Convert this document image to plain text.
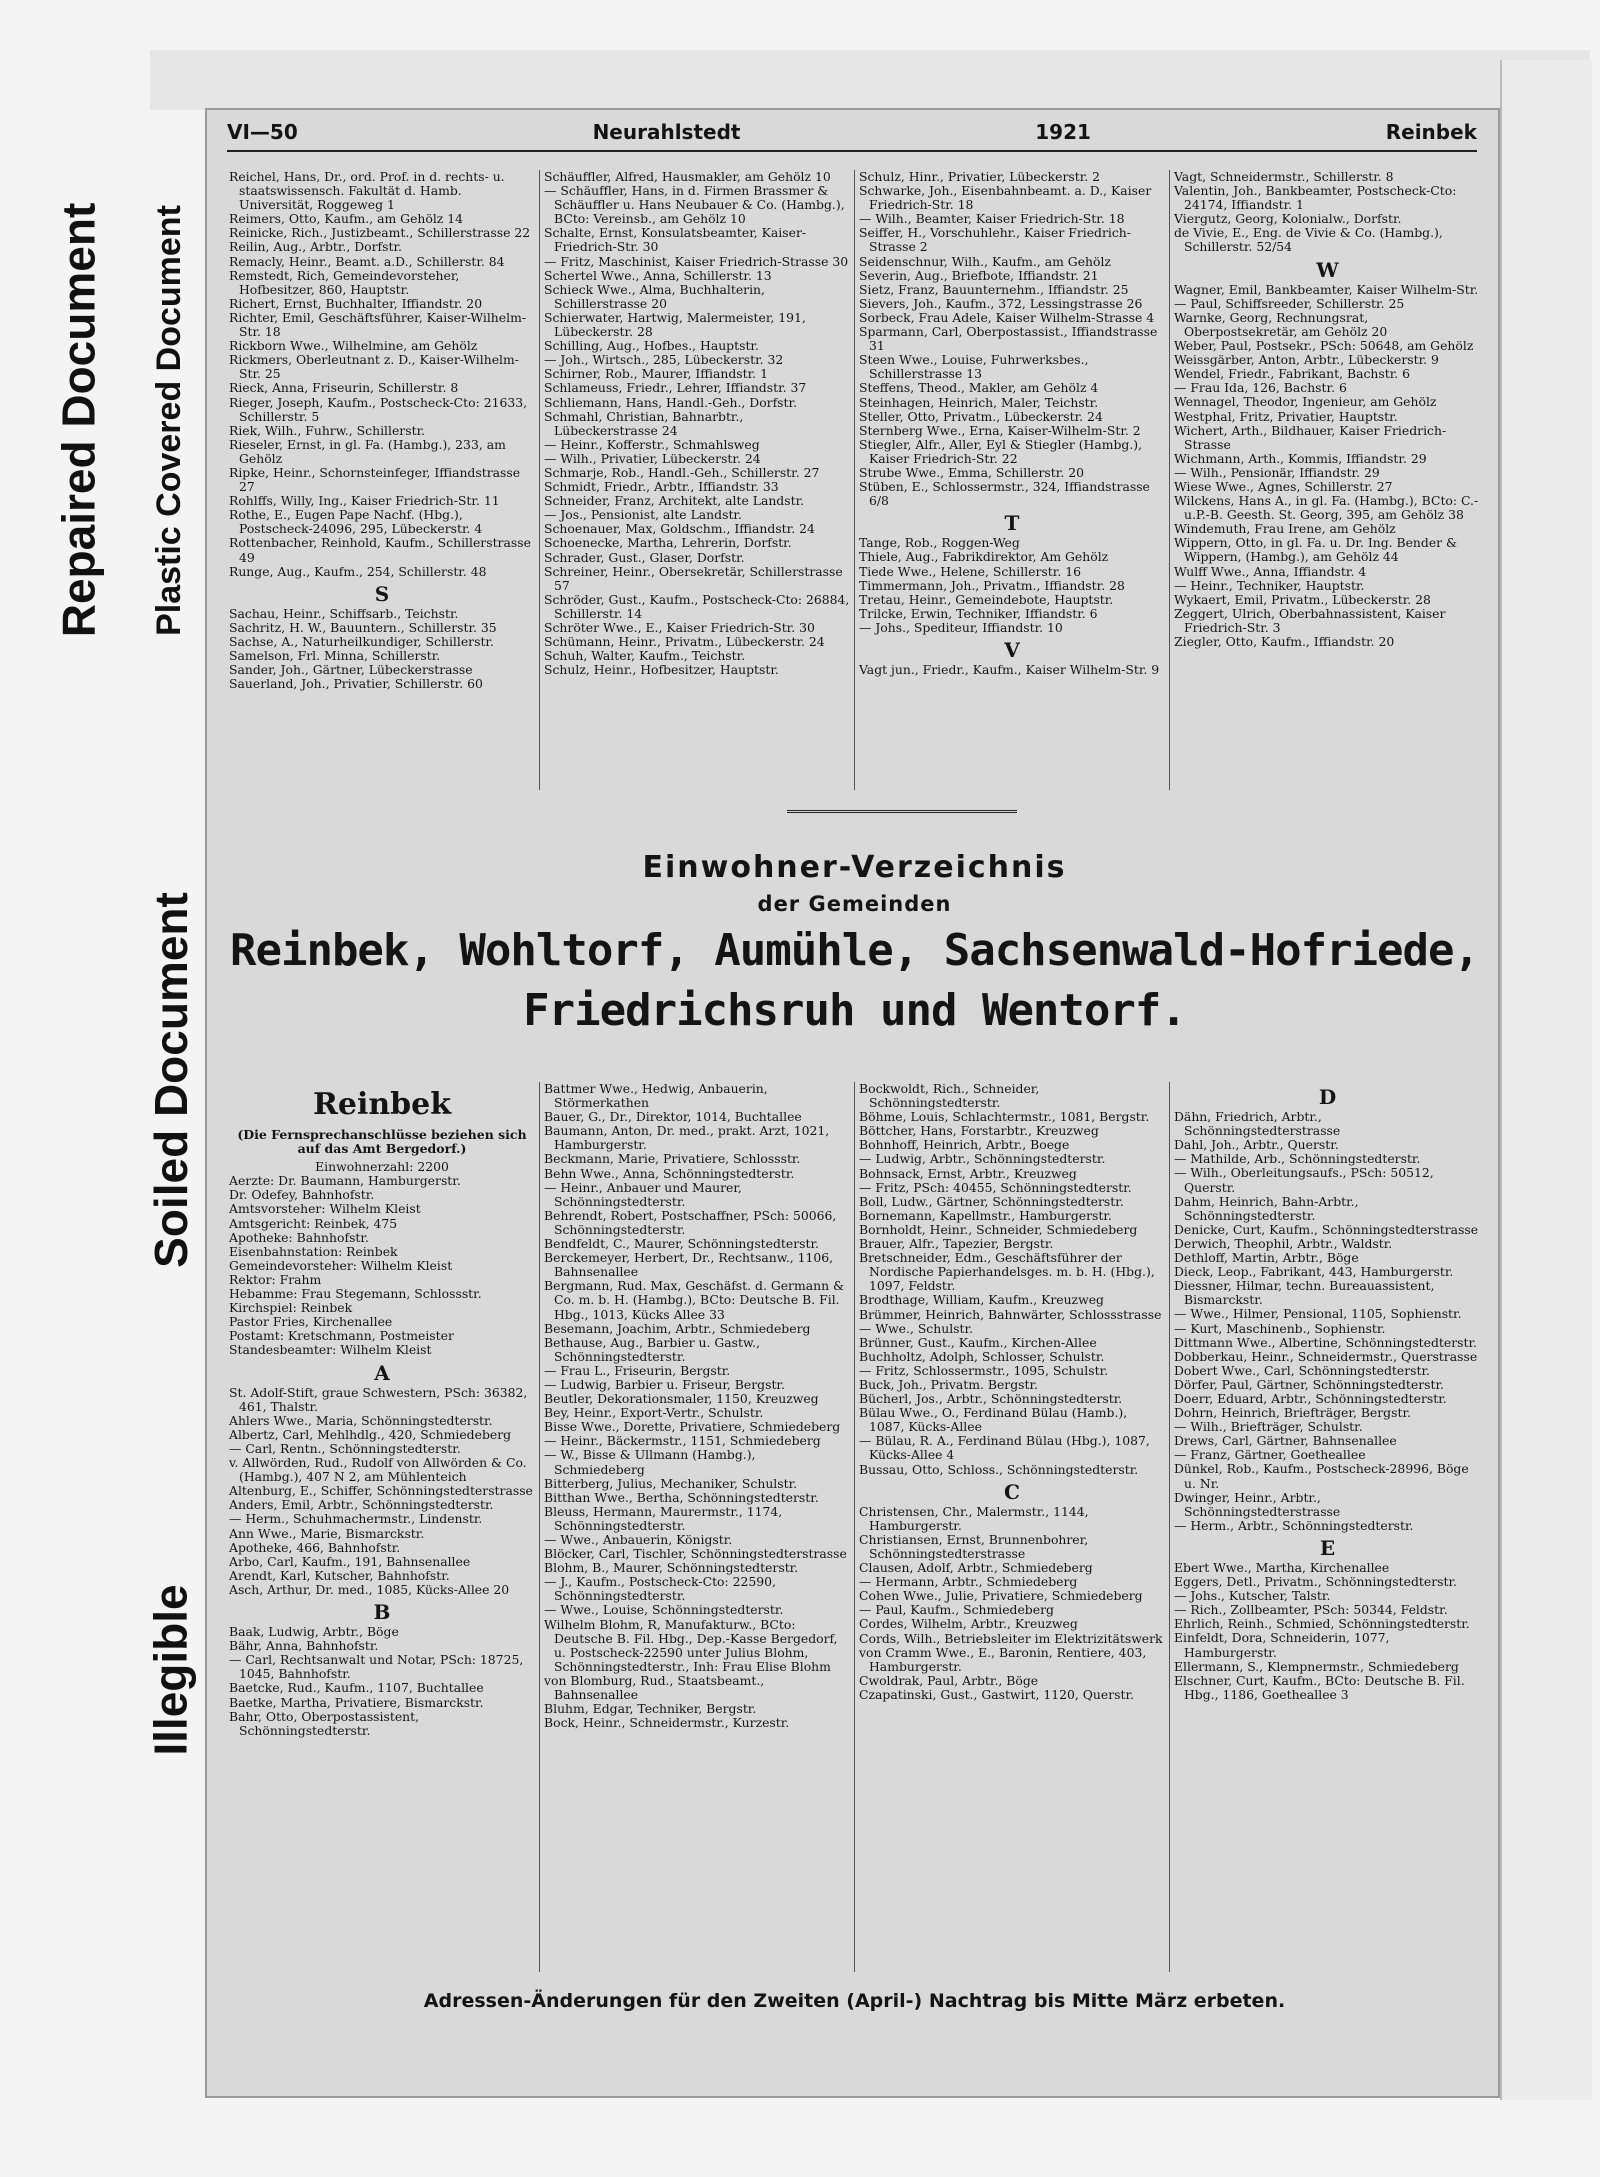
Repaired Document Plastic Covered Document
Soiled Document
Illegible
VI—50	Neurahlstedt	1921	Reinbek

Reichel, Hans, Dr., ord. Prof. in d. rechts- u. staatswissensch. Fakultät d. Hamb. Universität, Roggeweg 1

Reimers, Otto, Kaufm., am Gehölz 14

Reinicke, Rich., Justizbeamt., Schillerstrasse 22

Reilin, Aug., Arbtr., Dorfstr.

Remacly, Heinr., Beamt. a.D., Schillerstr. 84

Remstedt, Rich, Gemeindevorsteher, Hofbesitzer, 860, Hauptstr.

Richert, Ernst, Buchhalter, Iffiandstr. 20

Richter, Emil, Geschäftsführer, Kaiser-Wilhelm-Str. 18

Rickborn Wwe., Wilhelmine, am Gehölz

Rickmers, Oberleutnant z. D., Kaiser-Wilhelm-Str. 25

Rieck, Anna, Friseurin, Schillerstr. 8

Rieger, Joseph, Kaufm., Postscheck-Cto: 21633, Schillerstr. 5

Riek, Wilh., Fuhrw., Schillerstr.

Rieseler, Ernst, in gl. Fa. (Hambg.), 233, am Gehölz

Ripke, Heinr., Schornsteinfeger, Iffiandstrasse 27

Rohlffs, Willy, Ing., Kaiser Friedrich-Str. 11

Rothe, E., Eugen Pape Nachf. (Hbg.), Postscheck-24096, 295, Lübeckerstr. 4

Rottenbacher, Reinhold, Kaufm., Schillerstrasse 49

Runge, Aug., Kaufm., 254, Schillerstr. 48

S

Sachau, Heinr., Schiffsarb., Teichstr.

Sachritz, H. W., Bauuntern., Schillerstr. 35

Sachse, A., Naturheilkundiger, Schillerstr.

Samelson, Frl. Minna, Schillerstr.

Sander, Joh., Gärtner, Lübeckerstrasse

Sauerland, Joh., Privatier, Schillerstr. 60

Schäuffler, Alfred, Hausmakler, am Gehölz 10

— Schäuffler, Hans, in d. Firmen Brassmer & Schäuffler u. Hans Neubauer & Co. (Hambg.), BCto: Vereinsb., am Gehölz 10

Schalte, Ernst, Konsulatsbeamter, Kaiser-Friedrich-Str. 30

— Fritz, Maschinist, Kaiser Friedrich-Strasse 30

Schertel Wwe., Anna, Schillerstr. 13

Schieck Wwe., Alma, Buchhalterin, Schillerstrasse 20

Schierwater, Hartwig, Malermeister, 191, Lübeckerstr. 28

Schilling, Aug., Hofbes., Hauptstr.

— Joh., Wirtsch., 285, Lübeckerstr. 32

Schirner, Rob., Maurer, Iffiandstr. 1

Schlameuss, Friedr., Lehrer, Iffiandstr. 37

Schliemann, Hans, Handl.-Geh., Dorfstr.

Schmahl, Christian, Bahnarbtr., Lübeckerstrasse 24

— Heinr., Kofferstr., Schmahlsweg

— Wilh., Privatier, Lübeckerstr. 24

Schmarje, Rob., Handl.-Geh., Schillerstr. 27

Schmidt, Friedr., Arbtr., Iffiandstr. 33

Schneider, Franz, Architekt, alte Landstr.

— Jos., Pensionist, alte Landstr.

Schoenauer, Max, Goldschm., Iffiandstr. 24

Schoenecke, Martha, Lehrerin, Dorfstr.

Schrader, Gust., Glaser, Dorfstr.

Schreiner, Heinr., Obersekretär, Schillerstrasse 57

Schröder, Gust., Kaufm., Postscheck-Cto: 26884, Schillerstr. 14

Schröter Wwe., E., Kaiser Friedrich-Str. 30

Schümann, Heinr., Privatm., Lübeckerstr. 24

Schuh, Walter, Kaufm., Teichstr.

Schulz, Heinr., Hofbesitzer, Hauptstr.

Schulz, Hinr., Privatier, Lübeckerstr. 2

Schwarke, Joh., Eisenbahnbeamt. a. D., Kaiser Friedrich-Str. 18

— Wilh., Beamter, Kaiser Friedrich-Str. 18

Seiffer, H., Vorschuhlehr., Kaiser Friedrich-Strasse 2

Seidenschnur, Wilh., Kaufm., am Gehölz

Severin, Aug., Briefbote, Iffiandstr. 21

Sietz, Franz, Bauunternehm., Iffiandstr. 25

Sievers, Joh., Kaufm., 372, Lessingstrasse 26

Sorbeck, Frau Adele, Kaiser Wilhelm-Strasse 4

Sparmann, Carl, Oberpostassist., Iffiandstrasse 31

Steen Wwe., Louise, Fuhrwerksbes., Schillerstrasse 13

Steffens, Theod., Makler, am Gehölz 4

Steinhagen, Heinrich, Maler, Teichstr.

Steller, Otto, Privatm., Lübeckerstr. 24

Sternberg Wwe., Erna, Kaiser-Wilhelm-Str. 2

Stiegler, Alfr., Aller, Eyl & Stiegler (Hambg.), Kaiser Friedrich-Str. 22

Strube Wwe., Emma, Schillerstr. 20

Stüben, E., Schlossermstr., 324, Iffiandstrasse 6/8

T

Tange, Rob., Roggen-Weg

Thiele, Aug., Fabrikdirektor, Am Gehölz

Tiede Wwe., Helene, Schillerstr. 16

Timmermann, Joh., Privatm., Iffiandstr. 28

Tretau, Heinr., Gemeindebote, Hauptstr.

Trilcke, Erwin, Techniker, Iffiandstr. 6

— Johs., Spediteur, Iffiandstr. 10

V

Vagt jun., Friedr., Kaufm., Kaiser Wilhelm-Str. 9

Vagt, Schneidermstr., Schillerstr. 8

Valentin, Joh., Bankbeamter, Postscheck-Cto: 24174, Iffiandstr. 1

Viergutz, Georg, Kolonialw., Dorfstr.

de Vivie, E., Eng. de Vivie & Co. (Hambg.), Schillerstr. 52/54

W

Wagner, Emil, Bankbeamter, Kaiser Wilhelm-Str.

— Paul, Schiffsreeder, Schillerstr. 25

Warnke, Georg, Rechnungsrat, Oberpostsekretär, am Gehölz 20

Weber, Paul, Postsekr., PSch: 50648, am Gehölz

Weissgärber, Anton, Arbtr., Lübeckerstr. 9

Wendel, Friedr., Fabrikant, Bachstr. 6

— Frau Ida, 126, Bachstr. 6

Wennagel, Theodor, Ingenieur, am Gehölz

Westphal, Fritz, Privatier, Hauptstr.

Wichert, Arth., Bildhauer, Kaiser Friedrich-Strasse

Wichmann, Arth., Kommis, Iffiandstr. 29

— Wilh., Pensionär, Iffiandstr. 29

Wiese Wwe., Agnes, Schillerstr. 27

Wilckens, Hans A., in gl. Fa. (Hambg.), BCto: C.-u.P.-B. Geesth. St. Georg, 395, am Gehölz 38

Windemuth, Frau Irene, am Gehölz

Wippern, Otto, in gl. Fa. u. Dr. Ing. Bender & Wippern, (Hambg.), am Gehölz 44

Wulff Wwe., Anna, Iffiandstr. 4

— Heinr., Techniker, Hauptstr.

Wykaert, Emil, Privatm., Lübeckerstr. 28

Zeggert, Ulrich, Oberbahnassistent, Kaiser Friedrich-Str. 3

Ziegler, Otto, Kaufm., Iffiandstr. 20

Einwohner-Verzeichnis
der Gemeinden
Reinbek, Wohltorf, Aumühle, Sachsenwald-Hofriede,
Friedrichsruh und Wentorf.

Reinbek

(Die Fernsprechanschlüsse beziehen sich auf das Amt Bergedorf.)

Einwohnerzahl: 2200

Aerzte: Dr. Baumann, Hamburgerstr.

Dr. Odefey, Bahnhofstr.

Amtsvorsteher: Wilhelm Kleist

Amtsgericht: Reinbek, 475

Apotheke: Bahnhofstr.

Eisenbahnstation: Reinbek

Gemeindevorsteher: Wilhelm Kleist

Rektor: Frahm

Hebamme: Frau Stegemann, Schlossstr.

Kirchspiel: Reinbek

Pastor Fries, Kirchenallee

Postamt: Kretschmann, Postmeister

Standesbeamter: Wilhelm Kleist

A

St. Adolf-Stift, graue Schwestern, PSch: 36382, 461, Thalstr.

Ahlers Wwe., Maria, Schönningstedterstr.

Albertz, Carl, Mehlhdlg., 420, Schmiedeberg

— Carl, Rentn., Schönningstedterstr.

v. Allwörden, Rud., Rudolf von Allwörden & Co. (Hambg.), 407 N 2, am Mühlenteich

Altenburg, E., Schiffer, Schönningstedterstrasse

Anders, Emil, Arbtr., Schönningstedterstr.

— Herm., Schuhmachermstr., Lindenstr.

Ann Wwe., Marie, Bismarckstr.

Apotheke, 466, Bahnhofstr.

Arbo, Carl, Kaufm., 191, Bahnsenallee

Arendt, Karl, Kutscher, Bahnhofstr.

Asch, Arthur, Dr. med., 1085, Kücks-Allee 20

B

Baak, Ludwig, Arbtr., Böge

Bähr, Anna, Bahnhofstr.

— Carl, Rechtsanwalt und Notar, PSch: 18725, 1045, Bahnhofstr.

Baetcke, Rud., Kaufm., 1107, Buchtallee

Baetke, Martha, Privatiere, Bismarckstr.

Bahr, Otto, Oberpostassistent, Schönningstedterstr.

Battmer Wwe., Hedwig, Anbauerin, Störmerkathen

Bauer, G., Dr., Direktor, 1014, Buchtallee

Baumann, Anton, Dr. med., prakt. Arzt, 1021, Hamburgerstr.

Beckmann, Marie, Privatiere, Schlossstr.

Behn Wwe., Anna, Schönningstedterstr.

— Heinr., Anbauer und Maurer, Schönningstedterstr.

Behrendt, Robert, Postschaffner, PSch: 50066, Schönningstedterstr.

Bendfeldt, C., Maurer, Schönningstedterstr.

Berckemeyer, Herbert, Dr., Rechtsanw., 1106, Bahnsenallee

Bergmann, Rud. Max, Geschäfst. d. Germann & Co. m. b. H. (Hambg.), BCto: Deutsche B. Fil. Hbg., 1013, Kücks Allee 33

Besemann, Joachim, Arbtr., Schmiedeberg

Bethause, Aug., Barbier u. Gastw., Schönningstedterstr.

— Frau L., Friseurin, Bergstr.

— Ludwig, Barbier u. Friseur, Bergstr.

Beutler, Dekorationsmaler, 1150, Kreuzweg

Bey, Heinr., Export-Vertr., Schulstr.

Bisse Wwe., Dorette, Privatiere, Schmiedeberg

— Heinr., Bäckermstr., 1151, Schmiedeberg

— W., Bisse & Ullmann (Hambg.), Schmiedeberg

Bitterberg, Julius, Mechaniker, Schulstr.

Bitthan Wwe., Bertha, Schönningstedterstr.

Bleuss, Hermann, Maurermstr., 1174, Schönningstedterstr.

— Wwe., Anbauerin, Königstr.

Blöcker, Carl, Tischler, Schönningstedterstrasse

Blohm, B., Maurer, Schönningstedterstr.

— J., Kaufm., Postscheck-Cto: 22590, Schönningstedterstr.

— Wwe., Louise, Schönningstedterstr.

Wilhelm Blohm, R, Manufakturw., BCto: Deutsche B. Fil. Hbg., Dep.-Kasse Bergedorf, u. Postscheck-22590 unter Julius Blohm, Schönningstedterstr., Inh: Frau Elise Blohm

von Blomburg, Rud., Staatsbeamt., Bahnsenallee

Bluhm, Edgar, Techniker, Bergstr.

Bock, Heinr., Schneidermstr., Kurzestr.

Bockwoldt, Rich., Schneider, Schönningstedterstr.

Böhme, Louis, Schlachtermstr., 1081, Bergstr.

Böttcher, Hans, Forstarbtr., Kreuzweg

Bohnhoff, Heinrich, Arbtr., Boege

— Ludwig, Arbtr., Schönningstedterstr.

Bohnsack, Ernst, Arbtr., Kreuzweg

— Fritz, PSch: 40455, Schönningstedterstr.

Boll, Ludw., Gärtner, Schönningstedterstr.

Bornemann, Kapellmstr., Hamburgerstr.

Bornholdt, Heinr., Schneider, Schmiedeberg

Brauer, Alfr., Tapezier, Bergstr.

Bretschneider, Edm., Geschäftsführer der Nordische Papierhandelsges. m. b. H. (Hbg.), 1097, Feldstr.

Brodthage, William, Kaufm., Kreuzweg

Brümmer, Heinrich, Bahnwärter, Schlossstrasse

— Wwe., Schulstr.

Brünner, Gust., Kaufm., Kirchen-Allee

Buchholtz, Adolph, Schlosser, Schulstr.

— Fritz, Schlossermstr., 1095, Schulstr.

Buck, Joh., Privatm. Bergstr.

Bücherl, Jos., Arbtr., Schönningstedterstr.

Bülau Wwe., O., Ferdinand Bülau (Hamb.), 1087, Kücks-Allee

— Bülau, R. A., Ferdinand Bülau (Hbg.), 1087, Kücks-Allee 4

Bussau, Otto, Schloss., Schönningstedterstr.

C

Christensen, Chr., Malermstr., 1144, Hamburgerstr.

Christiansen, Ernst, Brunnenbohrer, Schönningstedterstrasse

Clausen, Adolf, Arbtr., Schmiedeberg

— Hermann, Arbtr., Schmiedeberg

Cohen Wwe., Julie, Privatiere, Schmiedeberg

— Paul, Kaufm., Schmiedeberg

Cordes, Wilhelm, Arbtr., Kreuzweg

Cords, Wilh., Betriebsleiter im Elektrizitätswerk

von Cramm Wwe., E., Baronin, Rentiere, 403, Hamburgerstr.

Cwoldrak, Paul, Arbtr., Böge

Czapatinski, Gust., Gastwirt, 1120, Querstr.

D

Dähn, Friedrich, Arbtr., Schönningstedterstrasse

Dahl, Joh., Arbtr., Querstr.

— Mathilde, Arb., Schönningstedterstr.

— Wilh., Oberleitungsaufs., PSch: 50512, Querstr.

Dahm, Heinrich, Bahn-Arbtr., Schönningstedterstr.

Denicke, Curt, Kaufm., Schönningstedterstrasse

Derwich, Theophil, Arbtr., Waldstr.

Dethloff, Martin, Arbtr., Böge

Dieck, Leop., Fabrikant, 443, Hamburgerstr.

Diessner, Hilmar, techn. Bureauassistent, Bismarckstr.

— Wwe., Hilmer, Pensional, 1105, Sophienstr.

— Kurt, Maschinenb., Sophienstr.

Dittmann Wwe., Albertine, Schönningstedterstr.

Dobberkau, Heinr., Schneidermstr., Querstrasse

Dobert Wwe., Carl, Schönningstedterstr.

Dörfer, Paul, Gärtner, Schönningstedterstr.

Doerr, Eduard, Arbtr., Schönningstedterstr.

Dohrn, Heinrich, Briefträger, Bergstr.

— Wilh., Briefträger, Schulstr.

Drews, Carl, Gärtner, Bahnsenallee

— Franz, Gärtner, Goetheallee

Dünkel, Rob., Kaufm., Postscheck-28996, Böge u. Nr.

Dwinger, Heinr., Arbtr., Schönningstedterstrasse

— Herm., Arbtr., Schönningstedterstr.

E

Ebert Wwe., Martha, Kirchenallee

Eggers, Detl., Privatm., Schönningstedterstr.

— Johs., Kutscher, Talstr.

— Rich., Zollbeamter, PSch: 50344, Feldstr.

Ehrlich, Reinh., Schmied, Schönningstedterstr.

Einfeldt, Dora, Schneiderin, 1077, Hamburgerstr.

Ellermann, S., Klempnermstr., Schmiedeberg

Elschner, Curt, Kaufm., BCto: Deutsche B. Fil. Hbg., 1186, Goetheallee 3

Adressen-Änderungen für den Zweiten (April-) Nachtrag bis Mitte März erbeten.
